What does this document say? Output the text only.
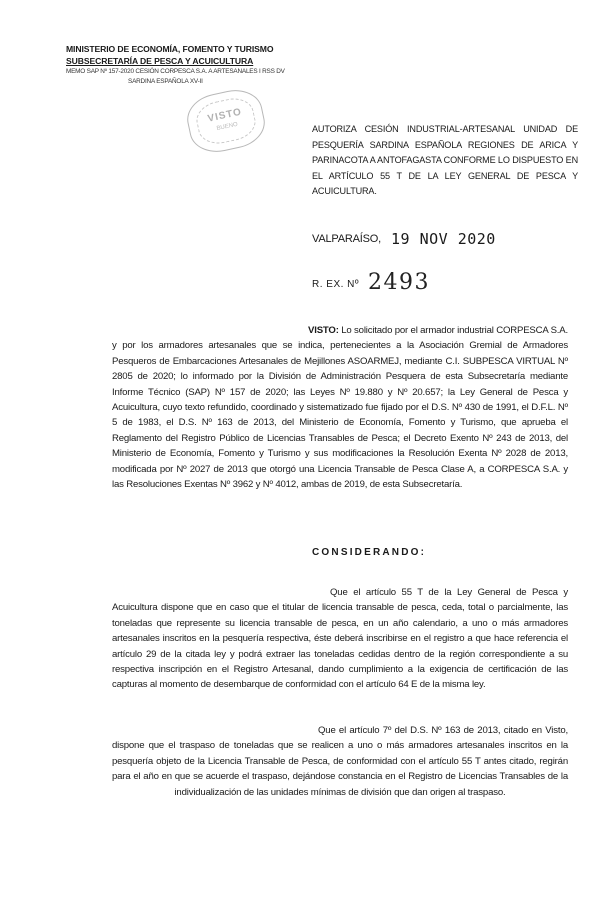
MINISTERIO DE ECONOMÍA, FOMENTO Y TURISMO
SUBSECRETARÍA DE PESCA Y ACUICULTURA
MEMO SAP Nº 157-2020 CESIÓN CORPESCA S.A. A ARTESANALES I RSS DV
SARDINA ESPAÑOLA XV-II
VISTO
BUENO	AUTORIZA CESIÓN INDUSTRIAL-ARTESANAL UNIDAD DE PESQUERÍA SARDINA ESPAÑOLA REGIONES DE ARICA Y PARINACOTA A ANTOFAGASTA CONFORME LO DISPUESTO EN EL ARTÍCULO 55 T DE LA LEY GENERAL DE PESCA Y ACUICULTURA.
VALPARAÍSO, 19 NOV 2020
R. EX. Nº 2493
VISTO: Lo solicitado por el armador industrial CORPESCA S.A. y por los armadores artesanales que se indica, pertenecientes a la Asociación Gremial de Armadores Pesqueros de Embarcaciones Artesanales de Mejillones ASOARMEJ, mediante C.I. SUBPESCA VIRTUAL Nº 2805 de 2020; lo informado por la División de Administración Pesquera de esta Subsecretaría mediante Informe Técnico (SAP) Nº 157 de 2020; las Leyes Nº 19.880 y Nº 20.657; la Ley General de Pesca y Acuicultura, cuyo texto refundido, coordinado y sistematizado fue fijado por el D.S. Nº 430 de 1991, el D.F.L. Nº 5 de 1983, el D.S. Nº 163 de 2013, del Ministerio de Economía, Fomento y Turismo, que aprueba el Reglamento del Registro Público de Licencias Transables de Pesca; el Decreto Exento Nº 243 de 2013, del Ministerio de Economía, Fomento y Turismo y sus modificaciones la Resolución Exenta Nº 2028 de 2013, modificada por Nº 2027 de 2013 que otorgó una Licencia Transable de Pesca Clase A, a CORPESCA S.A. y las Resoluciones Exentas Nº 3962 y Nº 4012, ambas de 2019, de esta Subsecretaría.
CONSIDERANDO:
Que el artículo 55 T de la Ley General de Pesca y Acuicultura dispone que en caso que el titular de licencia transable de pesca, ceda, total o parcialmente, las toneladas que represente su licencia transable de pesca, en un año calendario, a uno o más armadores artesanales inscritos en la pesquería respectiva, éste deberá inscribirse en el registro a que hace referencia el artículo 29 de la citada ley y podrá extraer las toneladas cedidas dentro de la región correspondiente a su respectiva inscripción en el Registro Artesanal, dando cumplimiento a la exigencia de certificación de las capturas al momento de desembarque de conformidad con el artículo 64 E de la misma ley.
Que el artículo 7º del D.S. Nº 163 de 2013, citado en Visto, dispone que el traspaso de toneladas que se realicen a uno o más armadores artesanales inscritos en la pesquería objeto de la Licencia Transable de Pesca, de conformidad con el artículo 55 T antes citado, regirán para el año en que se acuerde el traspaso, dejándose constancia en el Registro de Licencias Transables de la individualización de las unidades mínimas de división que dan origen al traspaso.
